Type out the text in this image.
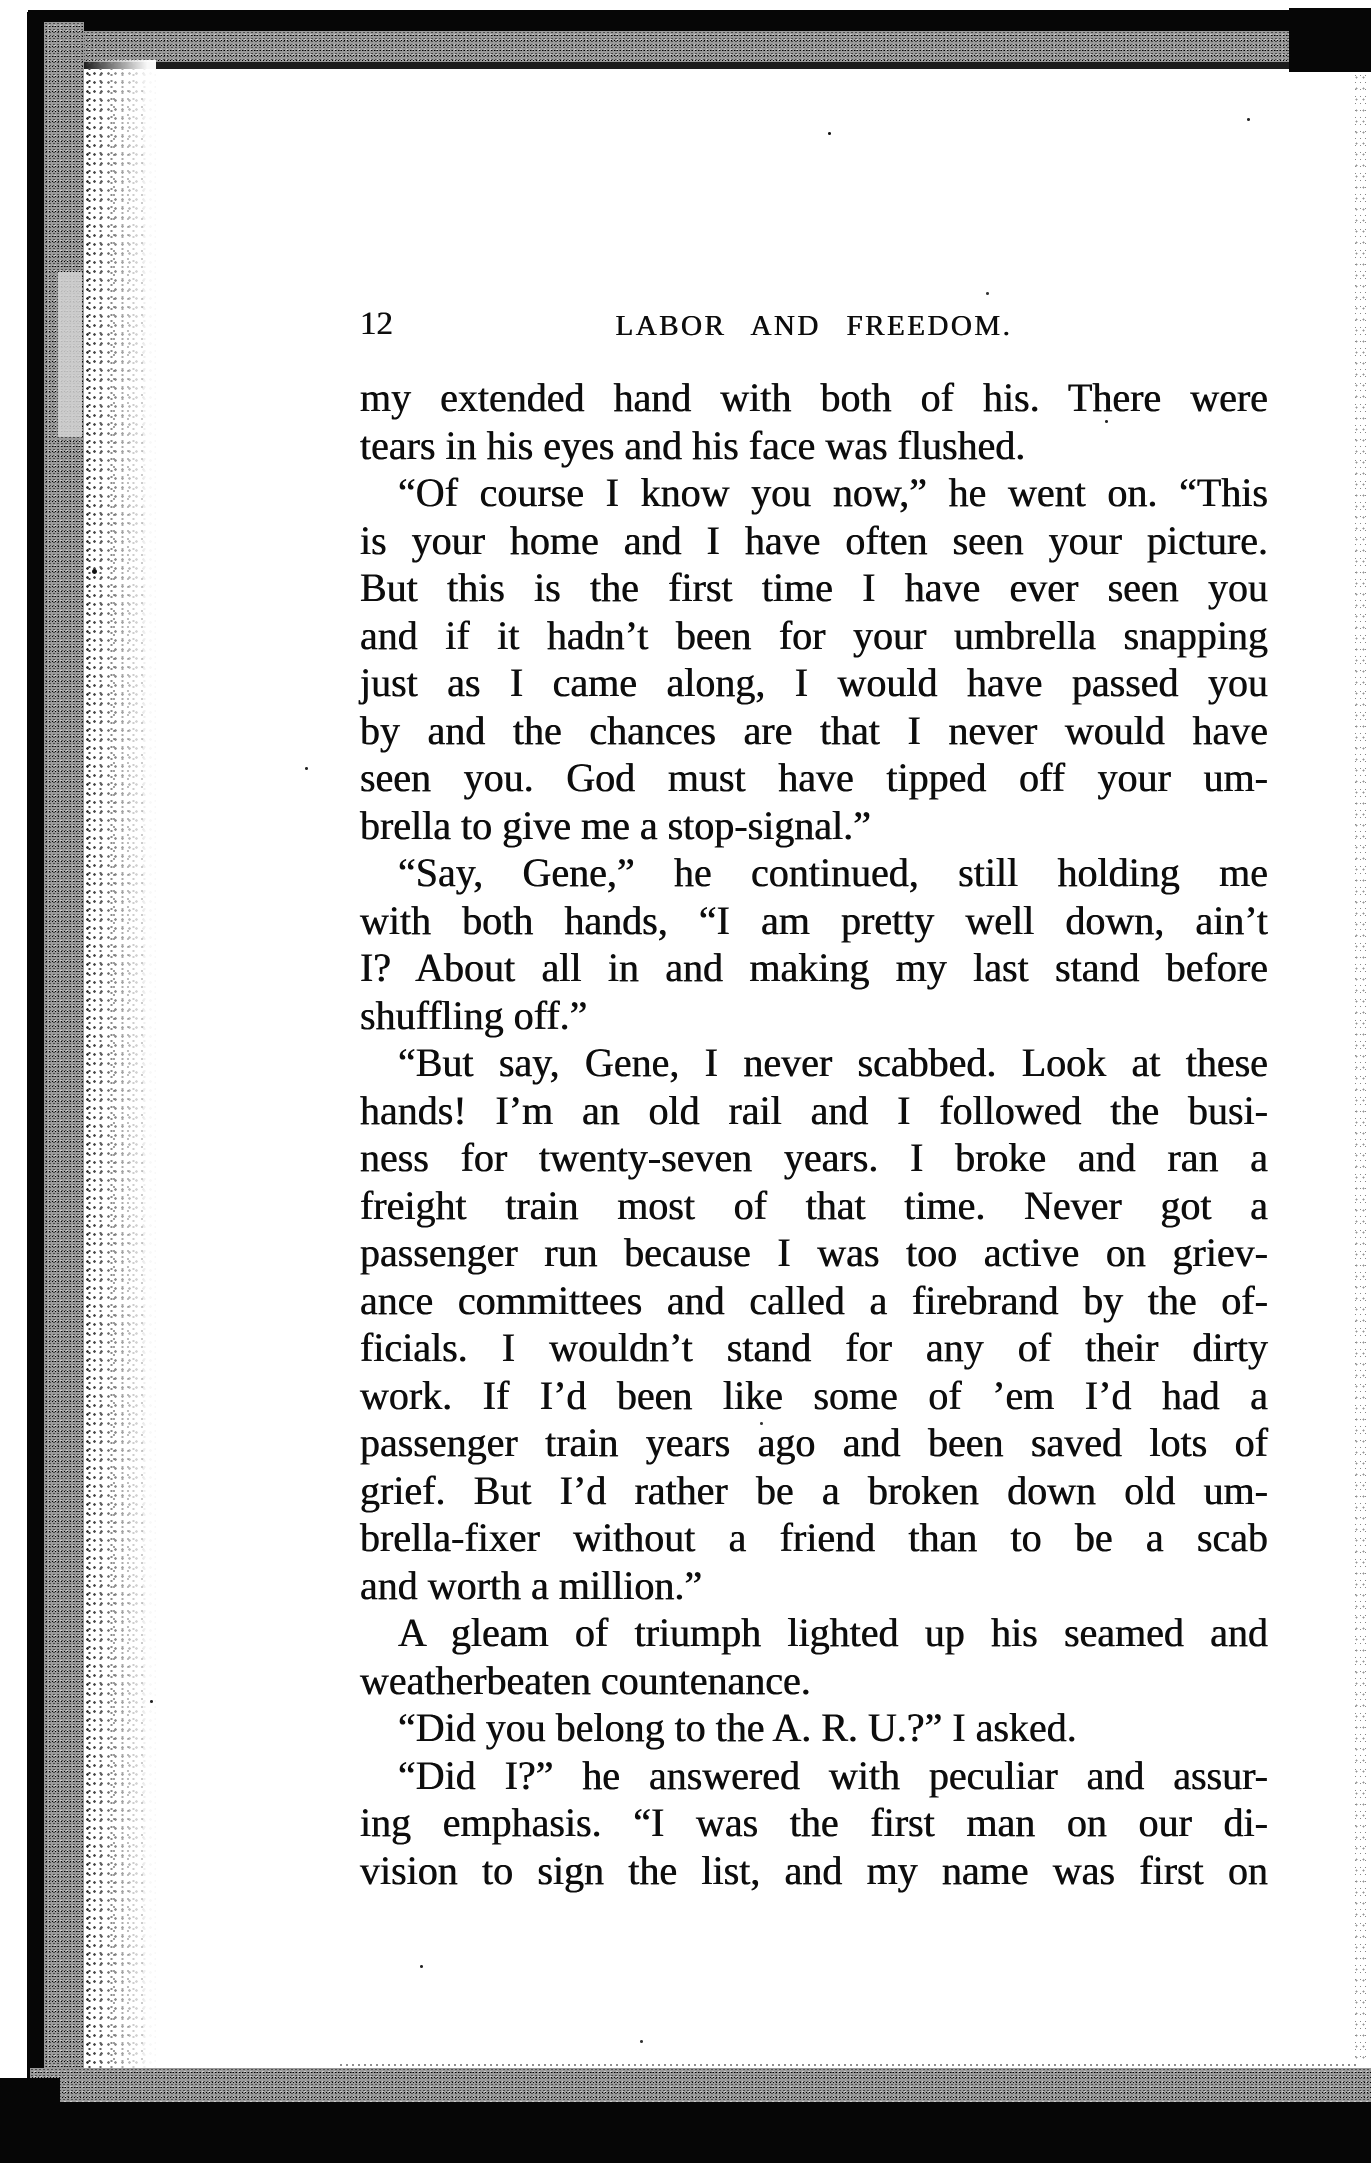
12	LABOR AND FREEDOM.
my extended hand with both of his. There were
tears in his eyes and his face was flushed.
“Of course I know you now,” he went on. “This
is your home and I have often seen your picture.
But this is the first time I have ever seen you
and if it hadn’t been for your umbrella snapping
just as I came along, I would have passed you
by and the chances are that I never would have
seen you. God must have tipped off your um-
brella to give me a stop-signal.”
“Say, Gene,” he continued, still holding me
with both hands, “I am pretty well down, ain’t
I? About all in and making my last stand before
shuffling off.”
“But say, Gene, I never scabbed. Look at these
hands! I’m an old rail and I followed the busi-
ness for twenty-seven years. I broke and ran a
freight train most of that time. Never got a
passenger run because I was too active on griev-
ance committees and called a firebrand by the of-
ficials. I wouldn’t stand for any of their dirty
work. If I’d been like some of ’em I’d had a
passenger train years ago and been saved lots of
grief. But I’d rather be a broken down old um-
brella-fixer without a friend than to be a scab
and worth a million.”
A gleam of triumph lighted up his seamed and
weatherbeaten countenance.
“Did you belong to the A. R. U.?” I asked.
“Did I?” he answered with peculiar and assur-
ing emphasis. “I was the first man on our di-
vision to sign the list, and my name was first on
